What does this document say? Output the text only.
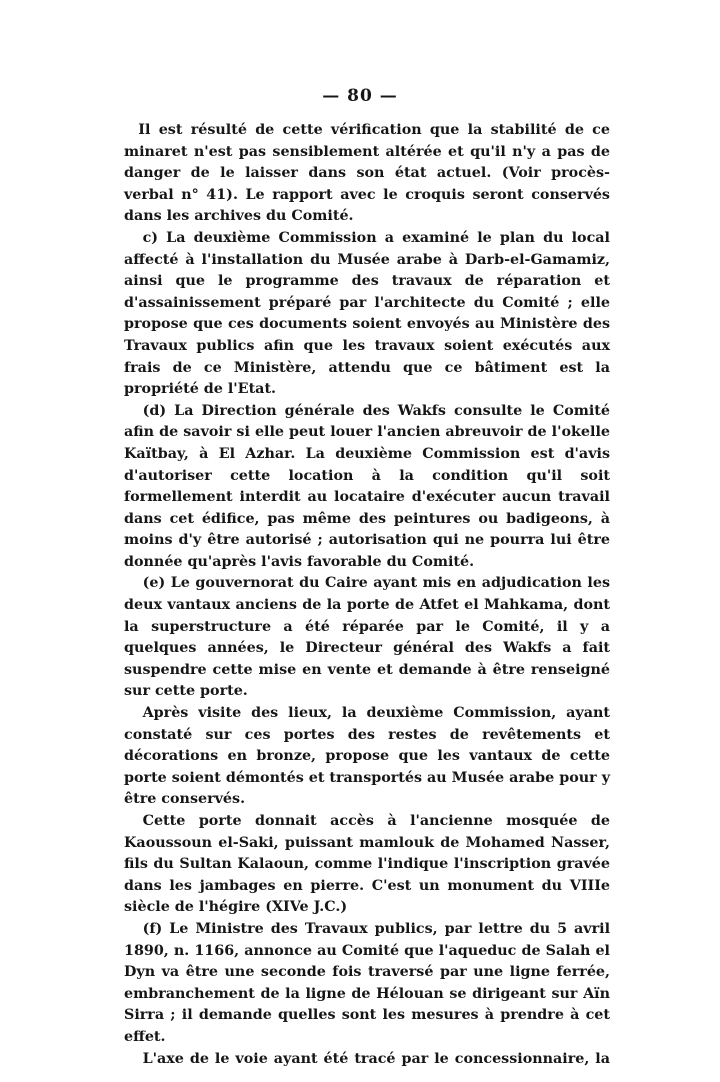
— 80 —

Il est résulté de cette vérification que la stabilité de ce minaret n'est pas sensiblement altérée et qu'il n'y a pas de danger de le laisser dans son état actuel. (Voir procès-verbal n° 41). Le rapport avec le croquis seront conservés dans les archives du Comité.

c) La deuxième Commission a examiné le plan du local affecté à l'installation du Musée arabe à Darb-el-Gamamiz, ainsi que le programme des travaux de réparation et d'assainissement préparé par l'architecte du Comité ; elle propose que ces documents soient envoyés au Ministère des Travaux publics afin que les travaux soient exécutés aux frais de ce Ministère, attendu que ce bâtiment est la propriété de l'Etat.

(d) La Direction générale des Wakfs consulte le Comité afin de savoir si elle peut louer l'ancien abreuvoir de l'okelle Kaïtbay, à El Azhar. La deuxième Commission est d'avis d'autoriser cette location à la condition qu'il soit formellement interdit au locataire d'exécuter aucun travail dans cet édifice, pas même des peintures ou badigeons, à moins d'y être autorisé ; autorisation qui ne pourra lui être donnée qu'après l'avis favorable du Comité.

(e) Le gouvernorat du Caire ayant mis en adjudication les deux vantaux anciens de la porte de Atfet el Mahkama, dont la superstructure a été réparée par le Comité, il y a quelques années, le Directeur général des Wakfs a fait suspendre cette mise en vente et demande à être renseigné sur cette porte.

Après visite des lieux, la deuxième Commission, ayant constaté sur ces portes des restes de revêtements et décorations en bronze, propose que les vantaux de cette porte soient démontés et transportés au Musée arabe pour y être conservés.

Cette porte donnait accès à l'ancienne mosquée de Kaoussoun el-Saki, puissant mamlouk de Mohamed Nasser, fils du Sultan Kalaoun, comme l'indique l'inscription gravée dans les jambages en pierre. C'est un monument du VIIIe siècle de l'hégire (XIVe J.C.)

(f) Le Ministre des Travaux publics, par lettre du 5 avril 1890, n. 1166, annonce au Comité que l'aqueduc de Salah el Dyn va être une seconde fois traversé par une ligne ferrée, embranchement de la ligne de Hélouan se dirigeant sur Aïn Sirra ; il demande quelles sont les mesures à prendre à cet effet.

L'axe de le voie ayant été tracé par le concessionnaire, la
